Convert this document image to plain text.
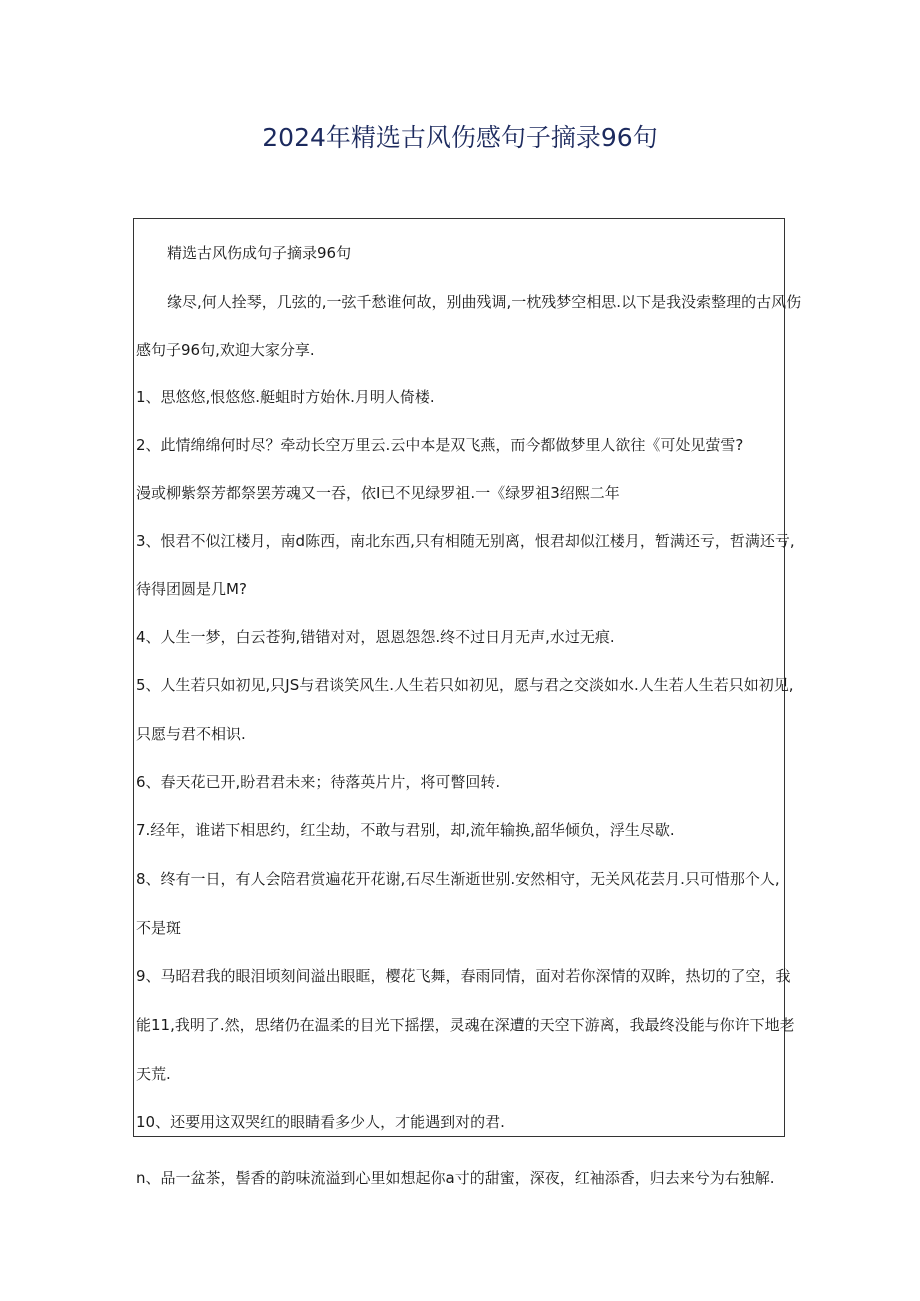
2024年精选古风伤感句子摘录96句
精选古风伤成句子摘录96句
缘尽,何人拴琴，几弦的,一弦千愁谁何故，别曲残调,一枕残梦空相思.以下是我没索整理的古风伤
感句子96句,欢迎大家分享.
1、思悠悠,恨悠悠.艇蛆时方始休.月明人倚楼.
2、此情绵绵何时尽？牵动长空万里云.云中本是双飞燕，而今都做梦里人欲往《可处见萤雪?
漫或柳紫祭芳都祭罢芳魂又一吞，依I已不见绿罗祖.一《绿罗祖3绍熙二年
3、恨君不似江楼月，南d陈西，南北东西,只有相随无别离，恨君却似江楼月，暂满还亏，哲满还亏,
待得团圆是几M?
4、人生一梦，白云苍狗,错错对对，恩恩怨怨.终不过日月无声,水过无痕.
5、人生若只如初见,只JS与君谈笑风生.人生若只如初见，愿与君之交淡如水.人生若人生若只如初见,
只愿与君不相识.
6、春天花已开,盼君君未来；待落英片片，将可瞥回转.
7.经年，谁诺下相思约，红尘劫，不敢与君别，却,流年输换,韶华倾负，浮生尽歇.
8、终有一日，有人会陪君赏遍花开花谢,石尽生渐逝世别.安然相守，无关风花芸月.只可惜那个人,
不是斑
9、马昭君我的眼泪顷刻间溢出眼眶，樱花飞舞，春雨同情，面对若你深情的双眸，热切的了空，我
能11,我明了.然，思绪仍在温柔的目光下摇摆，灵魂在深遭的天空下游离，我最终没能与你许下地老
天荒.
10、还要用这双哭红的眼睛看多少人，才能遇到对的君.
n、品一盆茶，髻香的韵味流溢到心里如想起你a寸的甜蜜，深夜，红袖添香，归去来兮为右独解.
